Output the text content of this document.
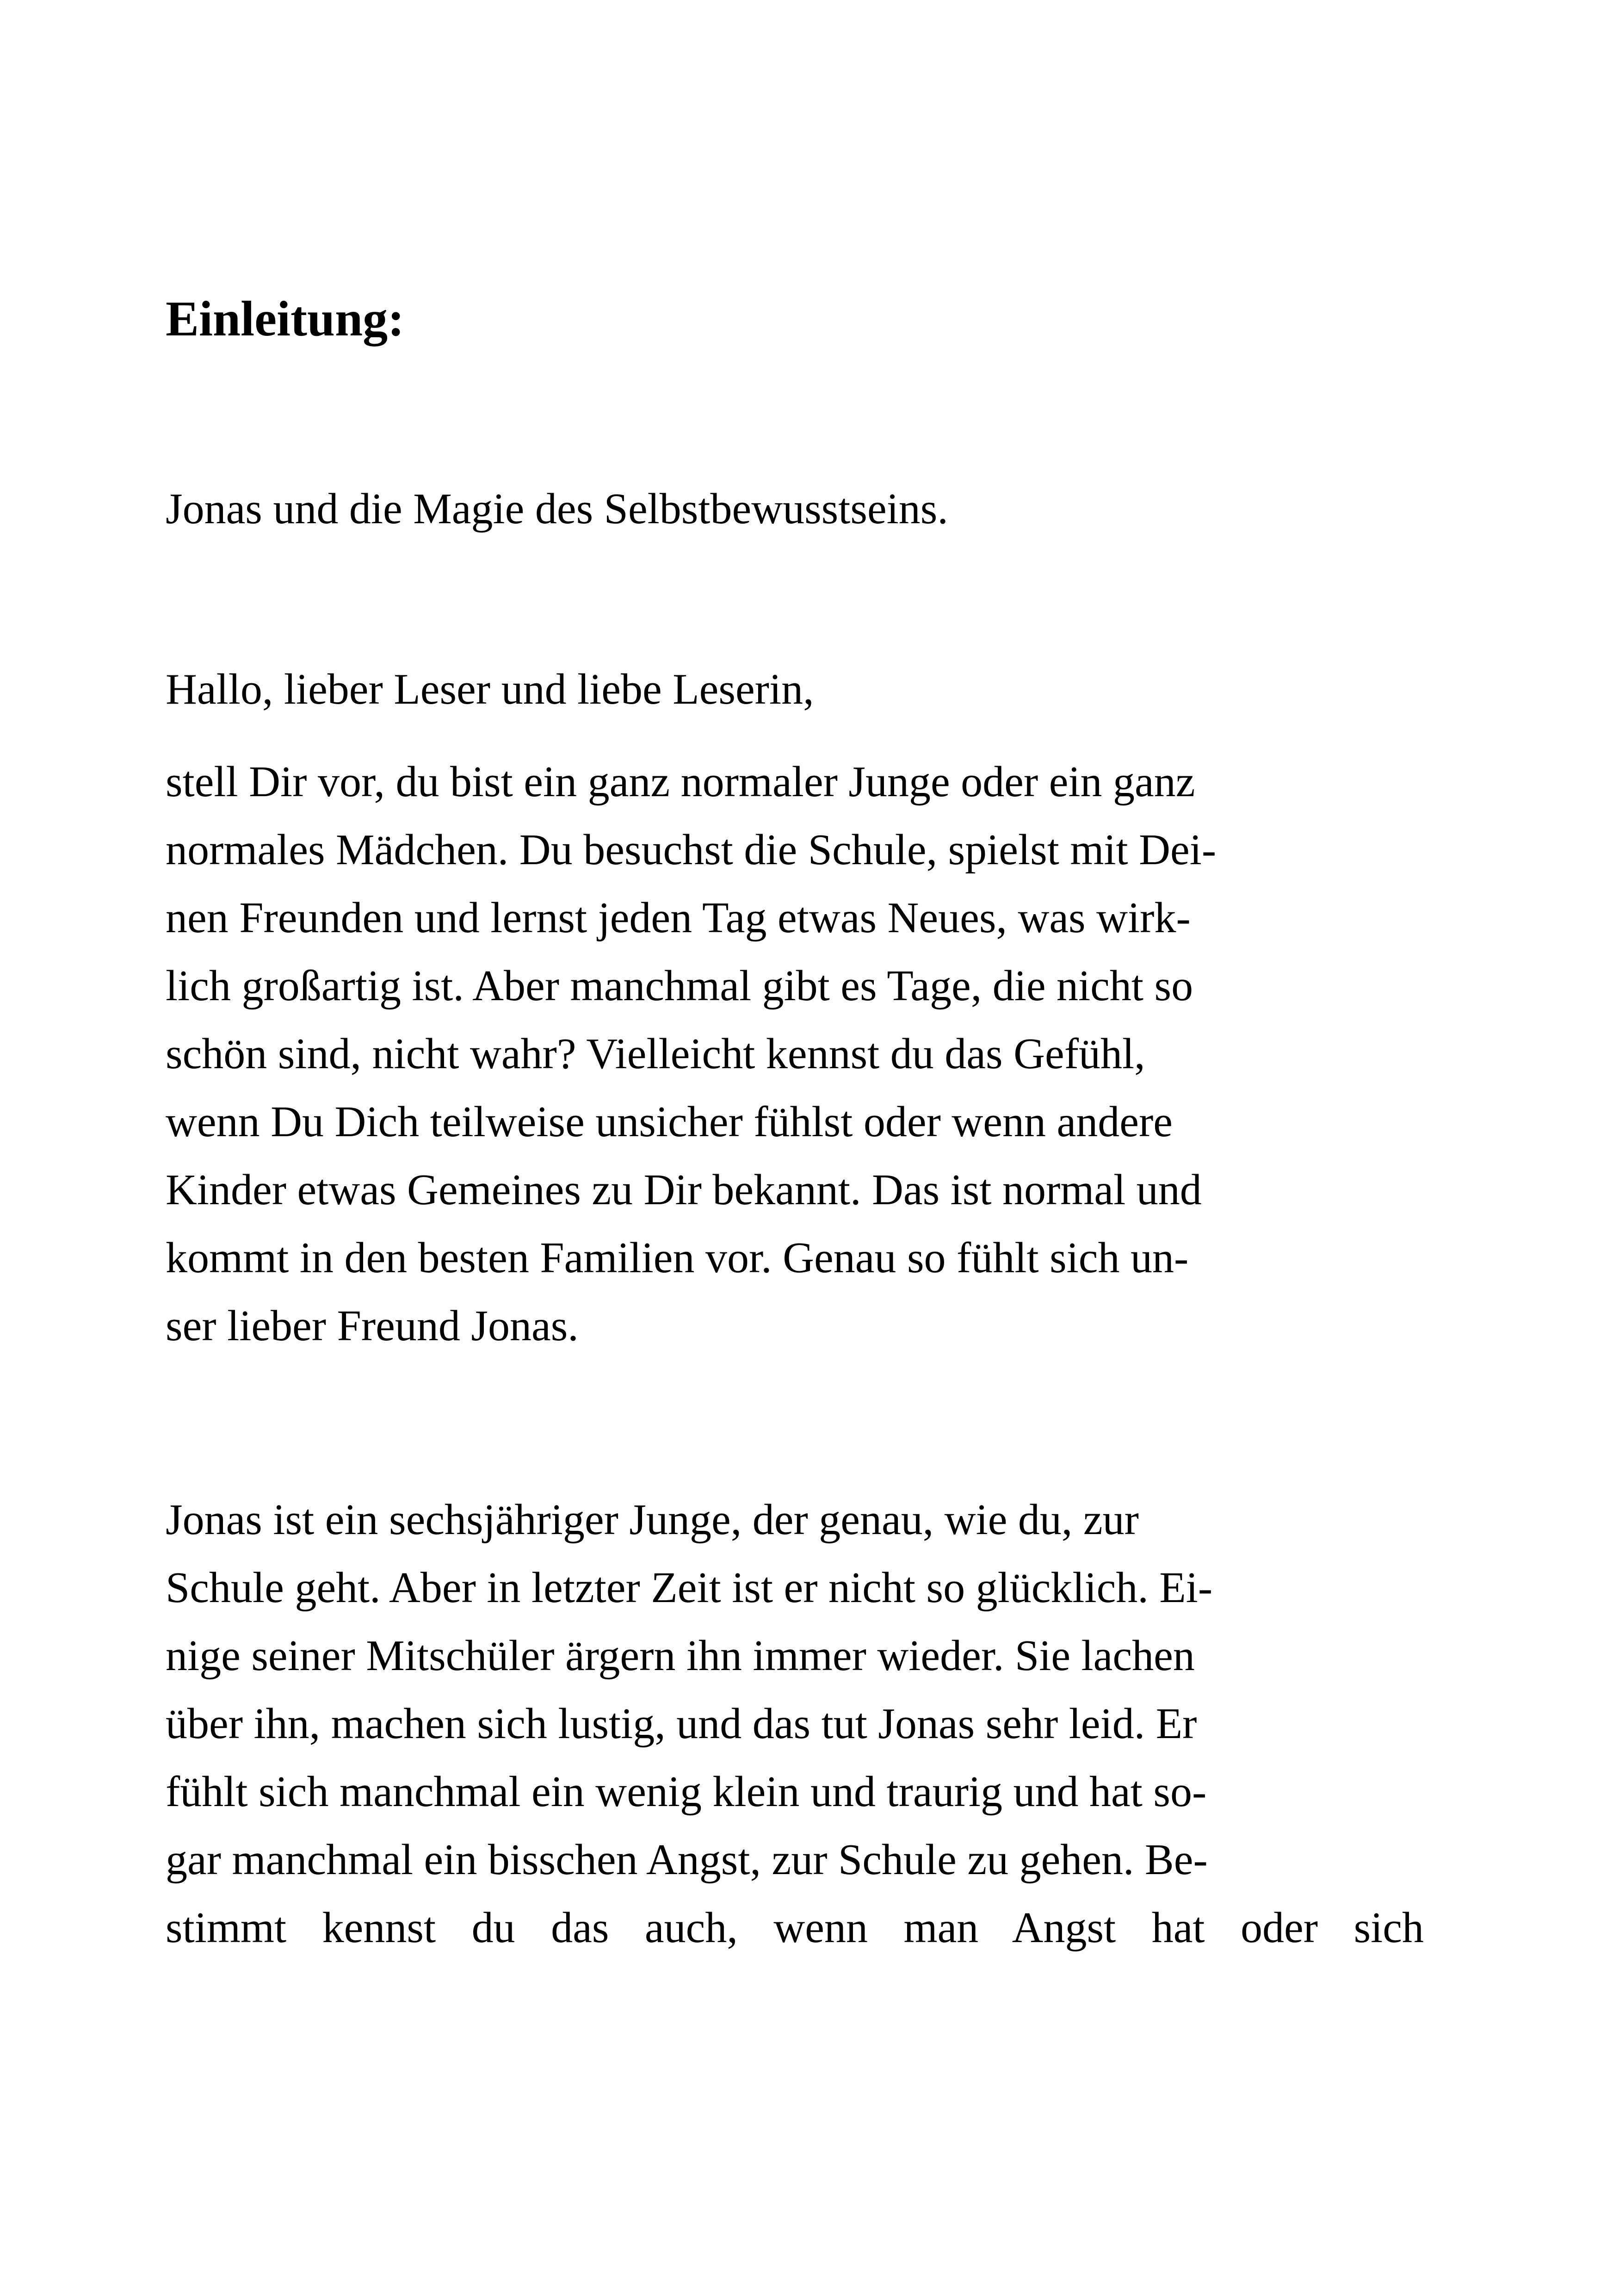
Einleitung:

Jonas und die Magie des Selbstbewusstseins.

Hallo, lieber Leser und liebe Leserin,

stell Dir vor, du bist ein ganz normaler Junge oder ein ganz

normales Mädchen. Du besuchst die Schule, spielst mit Dei-

nen Freunden und lernst jeden Tag etwas Neues, was wirk-

lich großartig ist. Aber manchmal gibt es Tage, die nicht so

schön sind, nicht wahr? Vielleicht kennst du das Gefühl,

wenn Du Dich teilweise unsicher fühlst oder wenn andere

Kinder etwas Gemeines zu Dir bekannt. Das ist normal und

kommt in den besten Familien vor. Genau so fühlt sich un-

ser lieber Freund Jonas.

Jonas ist ein sechsjähriger Junge, der genau, wie du, zur

Schule geht. Aber in letzter Zeit ist er nicht so glücklich. Ei-

nige seiner Mitschüler ärgern ihn immer wieder. Sie lachen

über ihn, machen sich lustig, und das tut Jonas sehr leid. Er

fühlt sich manchmal ein wenig klein und traurig und hat so-

gar manchmal ein bisschen Angst, zur Schule zu gehen. Be-

stimmt kennst du das auch, wenn man Angst hat oder sich
